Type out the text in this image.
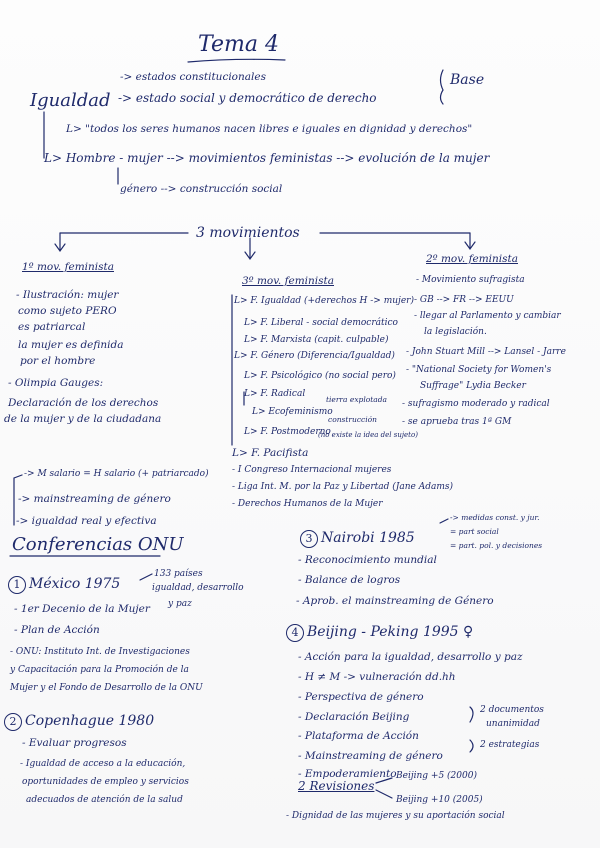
Tema 4
Igualdad
-> estados constitucionales
-> estado social y democrático de derecho
Base
L> "todos los seres humanos nacen libres e iguales en dignidad y derechos"
L> Hombre - mujer --> movimientos feministas --> evolución de la mujer
género --> construcción social
3 movimientos
1º mov. feminista
- Ilustración: mujer
como sujeto PERO
es patriarcal
la mujer es definida
por el hombre
- Olimpia Gauges:
Declaración de los derechos
de la mujer y de la ciudadana
3º mov. feminista
L> F. Igualdad (+derechos H -> mujer)
L> F. Liberal - social democrático
L> F. Marxista (capit. culpable)
L> F. Género (Diferencia/Igualdad)
L> F. Psicológico (no social pero)
L> F. Radical
L> Ecofeminismo
tierra explotada
construcción
L> F. Postmoderno
(no existe la idea del sujeto)
L> F. Pacifista
- I Congreso Internacional mujeres
- Liga Int. M. por la Paz y Libertad (Jane Adams)
- Derechos Humanos de la Mujer
2º mov. feminista
- Movimiento sufragista
- GB --> FR --> EEUU
- llegar al Parlamento y cambiar
la legislación.
- John Stuart Mill --> Lansel - Jarre
- "National Society for Women's
Suffrage" Lydia Becker
- sufragismo moderado y radical
- se aprueba tras 1ª GM
-> M salario = H salario (+ patriarcado)
-> mainstreaming de género
-> igualdad real y efectiva
Conferencias ONU
1 México 1975
133 países
igualdad, desarrollo
y paz
- 1er Decenio de la Mujer
- Plan de Acción
- ONU: Instituto Int. de Investigaciones
y Capacitación para la Promoción de la
Mujer y el Fondo de Desarrollo de la ONU
2 Copenhague 1980
- Evaluar progresos
- Igualdad de acceso a la educación,
oportunidades de empleo y servicios
adecuados de atención de la salud
3 Nairobi 1985
-> medidas const. y jur.
= part social
= part. pol. y decisiones
- Reconocimiento mundial
- Balance de logros
- Aprob. el mainstreaming de Género
4 Beijing - Peking 1995 ♀
- Acción para la igualdad, desarrollo y paz
- H ≠ M -> vulneración dd.hh
- Perspectiva de género
- Declaración Beijing
- Plataforma de Acción
- Mainstreaming de género
- Empoderamiento
2 documentos
unanimidad
2 estrategias
2 Revisiones
Beijing +5 (2000)
Beijing +10 (2005)
- Dignidad de las mujeres y su aportación social
